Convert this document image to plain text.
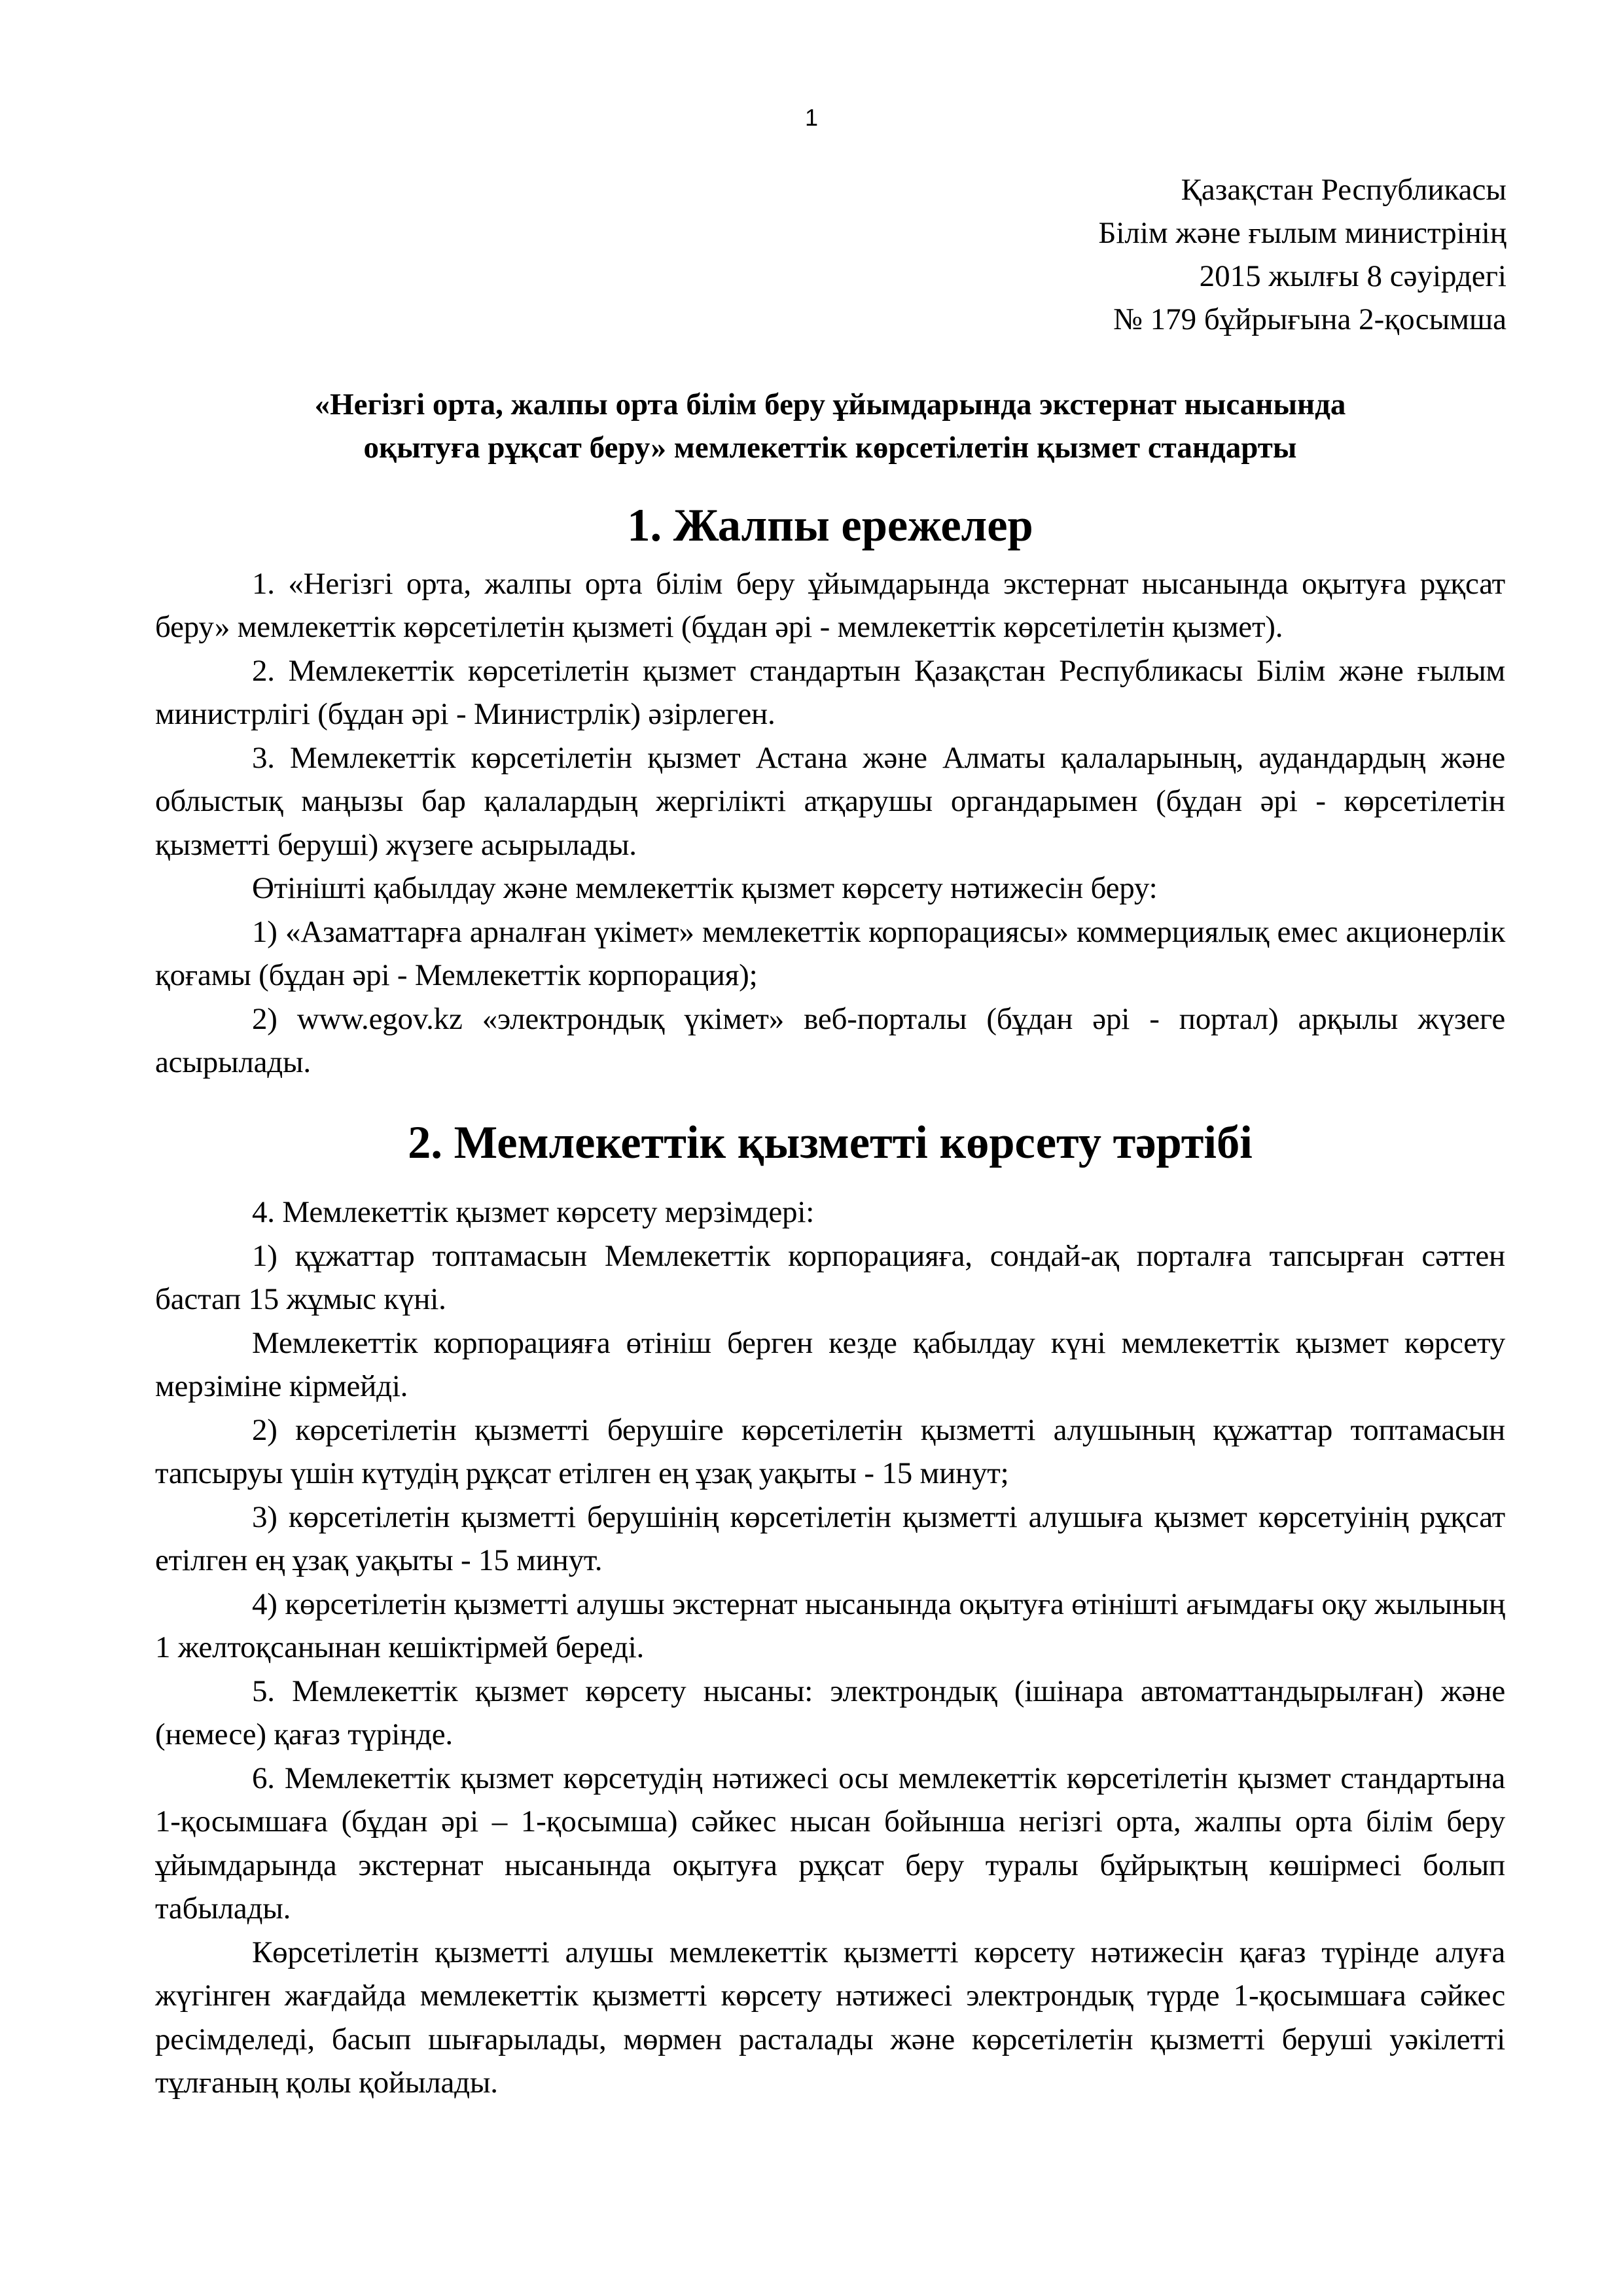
1
Қазақстан Республикасы
Білім және ғылым министрінің
2015 жылғы 8 сәуірдегі
№ 179 бұйрығына 2-қосымша
«Негізгі орта, жалпы орта білім беру ұйымдарында экстернат нысанында
оқытуға рұқсат беру» мемлекеттік көрсетілетін қызмет стандарты
1. Жалпы ережелер

1. «Негізгі орта, жалпы орта білім беру ұйымдарында экстернат нысанында оқытуға рұқсат беру» мемлекеттік көрсетілетін қызметі (бұдан әрі - мемлекеттік көрсетілетін қызмет).

2. Мемлекеттік көрсетілетін қызмет стандартын Қазақстан Республикасы Білім және ғылым министрлігі (бұдан әрі - Министрлік) әзірлеген.

3. Мемлекеттік көрсетілетін қызмет Астана және Алматы қалаларының, аудандардың және облыстық маңызы бар қалалардың жергілікті атқарушы органдарымен (бұдан әрі - көрсетілетін қызметті беруші) жүзеге асырылады.

Өтінішті қабылдау және мемлекеттік қызмет көрсету нәтижесін беру:

1) «Азаматтарға арналған үкімет» мемлекеттік корпорациясы» коммерциялық емес акционерлік қоғамы (бұдан әрі - Мемлекеттік корпорация);

2) www.egov.kz «электрондық үкімет» веб-порталы (бұдан әрі - портал) арқылы жүзеге асырылады.

2. Мемлекеттік қызметті көрсету тәртібі

4. Мемлекеттік қызмет көрсету мерзімдері:

1) құжаттар топтамасын Мемлекеттік корпорацияға, сондай-ақ порталға тапсырған сәттен бастап 15 жұмыс күні.

Мемлекеттік корпорацияға өтініш берген кезде қабылдау күні мемлекеттік қызмет көрсету мерзіміне кірмейді.

2) көрсетілетін қызметті берушіге көрсетілетін қызметті алушының құжаттар топтамасын тапсыруы үшін күтудің рұқсат етілген ең ұзақ уақыты - 15 минут;

3) көрсетілетін қызметті берушінің көрсетілетін қызметті алушыға қызмет көрсетуінің рұқсат етілген ең ұзақ уақыты - 15 минут.

4) көрсетілетін қызметті алушы экстернат нысанында оқытуға өтінішті ағымдағы оқу жылының 1 желтоқсанынан кешіктірмей береді.

5. Мемлекеттік қызмет көрсету нысаны: электрондық (ішінара автоматтандырылған) және (немесе) қағаз түрінде.

6. Мемлекеттік қызмет көрсетудің нәтижесі осы мемлекеттік көрсетілетін қызмет стандартына 1-қосымшаға (бұдан әрі – 1-қосымша) сәйкес нысан бойынша негізгі орта, жалпы орта білім беру ұйымдарында экстернат нысанында оқытуға рұқсат беру туралы бұйрықтың көшірмесі болып табылады.

Көрсетілетін қызметті алушы мемлекеттік қызметті көрсету нәтижесін қағаз түрінде алуға жүгінген жағдайда мемлекеттік қызметті көрсету нәтижесі электрондық түрде 1-қосымшаға сәйкес ресімделеді, басып шығарылады, мөрмен расталады және көрсетілетін қызметті беруші уәкілетті тұлғаның қолы қойылады.
